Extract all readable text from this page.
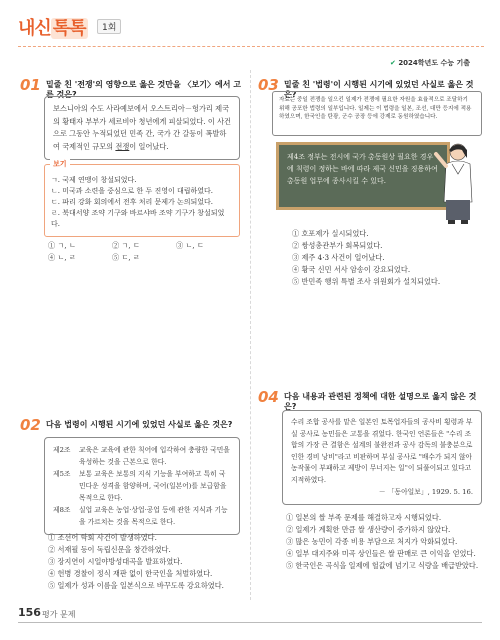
내신 톡톡	1회
01 밑줄 친 '전쟁'의 영향으로 옳은 것만을 〈보기〉에서 고른 것은?
보스니아의 수도 사라예보에서 오스트리아－헝가리 제국의 황태자 부부가 세르비아 청년에게 피살되었다. 이 사건으로 그동안 누적되었던 민족 간, 국가 간 갈등이 폭발하여 국제적인 규모의 전쟁이 일어났다.
ㄱ. 국제 연맹이 창설되었다.
ㄴ. 미국과 소련을 중심으로 한 두 진영이 대립하였다.
ㄷ. 파리 강화 회의에서 전후 처리 문제가 논의되었다.
ㄹ. 북대서양 조약 기구와 바르샤바 조약 기구가 창설되었다.
보기
① ㄱ, ㄴ	② ㄱ, ㄷ	③ ㄴ, ㄷ
④ ㄴ, ㄹ	⑤ ㄷ, ㄹ
02 다음 법령이 시행된 시기에 있었던 사실로 옳은 것은?
제2조	교육은 교육에 관한 칙어에 입각하여 충량한 국민을 육성하는 것을 근본으로 한다.
제5조	보통 교육은 보통의 지식 기능을 부여하고 특히 국민다운 성격을 함양하며, 국어(일본어)를 보급함을 목적으로 한다.
제8조	실업 교육은 농업·상업·공업 등에 관한 지식과 기능을 가르치는 것을 목적으로 한다.
① 조선어 학회 사건이 발생하였다.
② 서재필 등이 독립신문을 창간하였다.
③ 장지연이 시일야방성대곡을 발표하였다.
④ 헌병 경찰이 정식 재판 없이 한국인을 처벌하였다.
⑤ 일제가 성과 이름을 일본식으로 바꾸도록 강요하였다.
✔ 2024학년도 수능 기출
03 밑줄 친 '법령'이 시행된 시기에 있었던 사실로 옳은 것은?
자료는 중일 전쟁을 일으킨 일제가 전쟁에 필요한 자원을 효율적으로 조달하기 위해 공포한 법령의 일부입니다. 일제는 이 법령을 일본, 조선, 대만 등지에 적용하였으며, 한국인을 탄광, 군수 공장 등에 강제로 동원하였습니다.
제4조 정부는 전시에 국가 총동원상 필요한 경우에 칙령이 정하는 바에 따라 제국 신민을 징용하여 총동원 업무에 종사시킬 수 있다.
① 호포제가 실시되었다.
② 쌍성총관부가 회복되었다.
③ 제주 4·3 사건이 일어났다.
④ 황국 신민 서사 암송이 강요되었다.
⑤ 반민족 행위 특별 조사 위원회가 설치되었다.
04 다음 내용과 관련된 정책에 대한 설명으로 옳지 않은 것은?
수리 조합 공사를 맡은 일본인 토목업자들의 공사비 횡령과 부실 공사로 농민들은 고통을 겪었다. 한국인 언론들은 "수리 조합의 가장 큰 결함은 설계의 불완전과 공사 감독의 불충분으로 인한 경비 낭비"라고 비판하며 부실 공사로 "배수가 되지 않아 농작물이 부패하고 제방이 무너지는 일"이 되풀이되고 있다고 지적하였다.
－ 「동아일보」, 1929. 5. 16.
① 일본의 쌀 부족 문제를 해결하고자 시행되었다.
② 일제가 계획한 만큼 쌀 생산량이 증가하지 않았다.
③ 많은 농민이 각종 비용 부담으로 처지가 악화되었다.
④ 일부 대지주와 미곡 상인들은 쌀 판매로 큰 이익을 얻었다.
⑤ 한국인은 곡식을 일제에 헐값에 넘기고 식량을 배급받았다.
156 평가 문제
